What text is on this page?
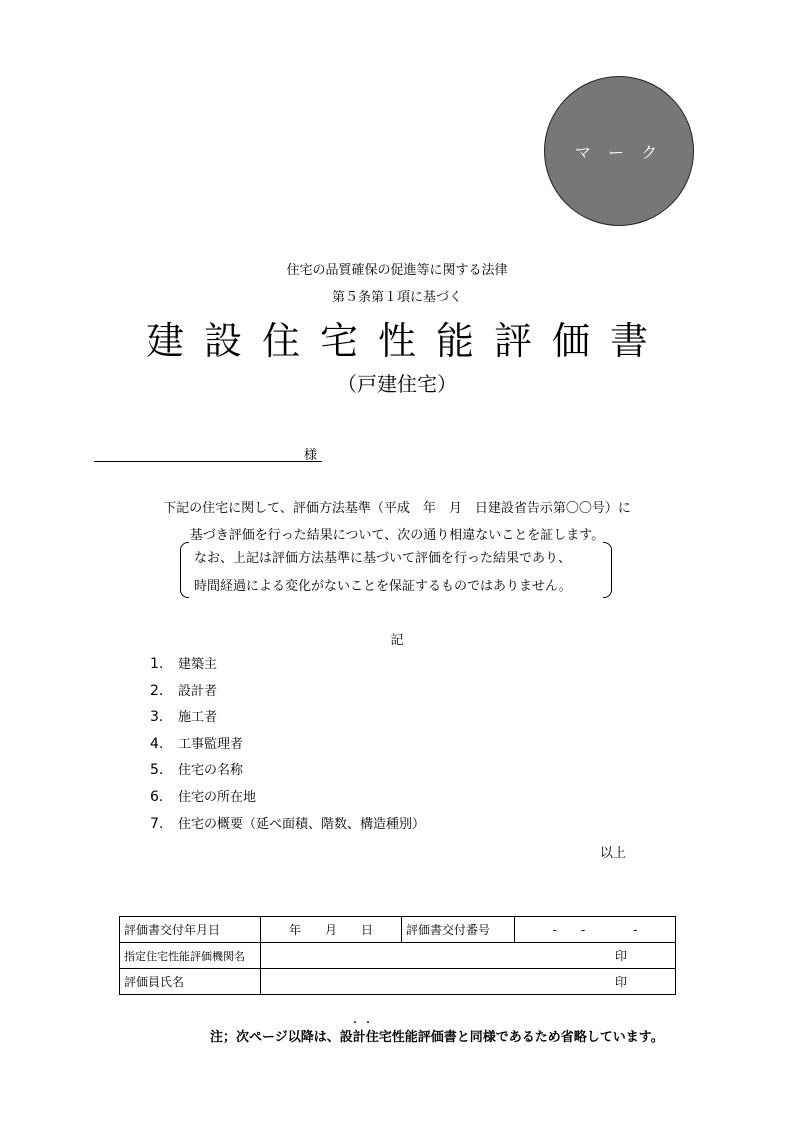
マ ー ク
住宅の品質確保の促進等に関する法律
第５条第１項に基づく
建設住宅性能評価書
（戸建住宅）
様
下記の住宅に関して、評価方法基準（平成　年　月　日建設省告示第〇〇号）に
基づき評価を行った結果について、次の通り相違ないことを証します。
なお、上記は評価方法基準に基づいて評価を行った結果であり、
時間経過による変化がないことを保証するものではありません。
記
1. 建築主
2. 設計者
3. 施工者
4. 工事監理者
5. 住宅の名称
6. 住宅の所在地
7. 住宅の概要（延べ面積、階数、構造種別）
以上
評価書交付年月日	年　　月　　日	評価書交付番号	-　　-　　　　-
指定住宅性能評価機関名	印		
評価員氏名	印		
・・
注；次ページ以降は、設計住宅性能評価書と同様であるため省略しています。
